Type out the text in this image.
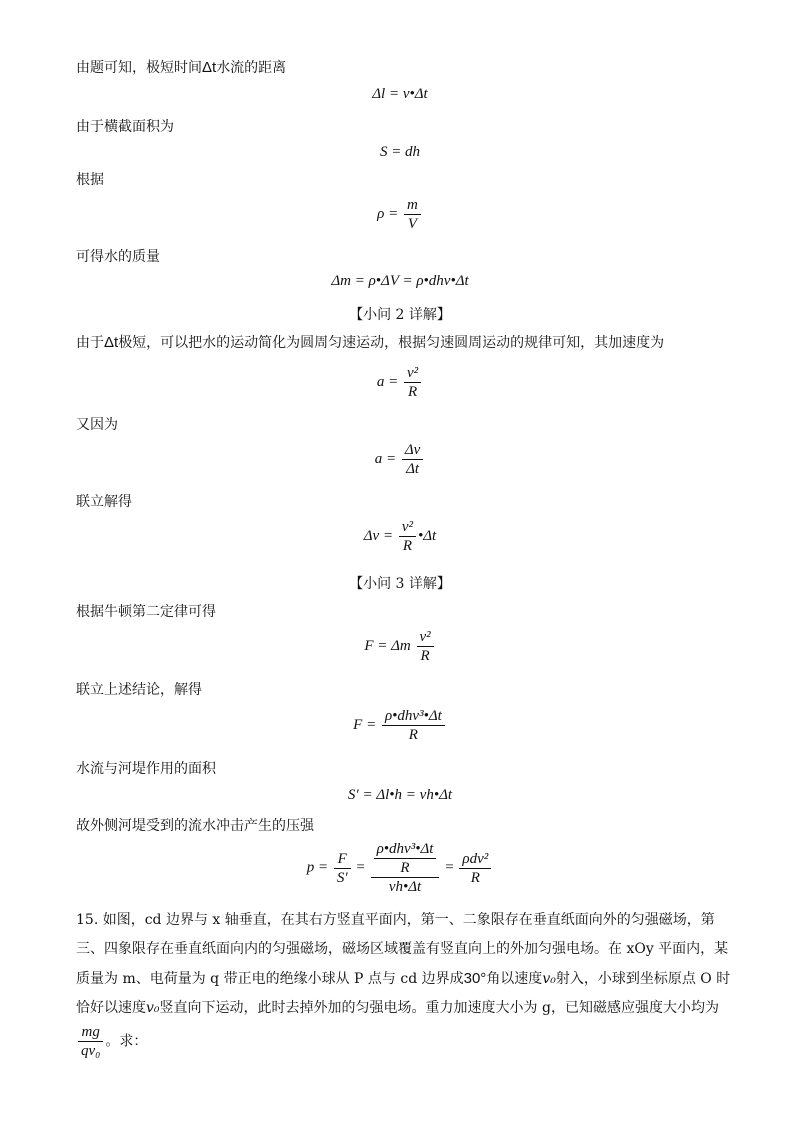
由题可知，极短时间Δt水流的距离
Δl = v•Δt
由于横截面积为
S = dh
根据
$\rho = \frac{m}{V}$
可得水的质量
Δm = ρ•ΔV = ρ•dhv•Δt
【小问 2 详解】
由于Δt极短，可以把水的运动简化为圆周匀速运动，根据匀速圆周运动的规律可知，其加速度为
$a = \frac{\text{v²}}{R}$
又因为
$a = \frac{\Delta v}{\Delta t}$
联立解得
$\Delta v = \frac{\text{v²}}{R}$ •Δt
【小问 3 详解】
根据牛顿第二定律可得
F = Δm $\frac{\text{v²}}{R}$
联立上述结论，解得
$F = \frac{\text{ρ•dhv³•Δt}}{R}$
水流与河堤作用的面积
S′ = Δl•h = vh•Δt
故外侧河堤受到的流水冲击产生的压强
$p = \frac{F}{S'} = \frac{\frac{\text{ρ•dhv³•Δt}}{R}}{vh•\Delta t} = \frac{\text{ρdv²}}{R}$
15. 如图，cd 边界与 x 轴垂直，在其右方竖直平面内，第一、二象限存在垂直纸面向外的匀强磁场，第三、四象限存在垂直纸面向内的匀强磁场，磁场区域覆盖有竖直向上的外加匀强电场。在 xOy 平面内，某质量为 m、电荷量为 q 带正电的绝缘小球从 P 点与 cd 边界成30°角以速度v₀射入，小球到坐标原点 O 时恰好以速度v₀竖直向下运动，此时去掉外加的匀强电场。重力加速度大小为 g，已知磁感应强度大小均为

$\frac{mg}{\text{qv₀}}$ 。求：
